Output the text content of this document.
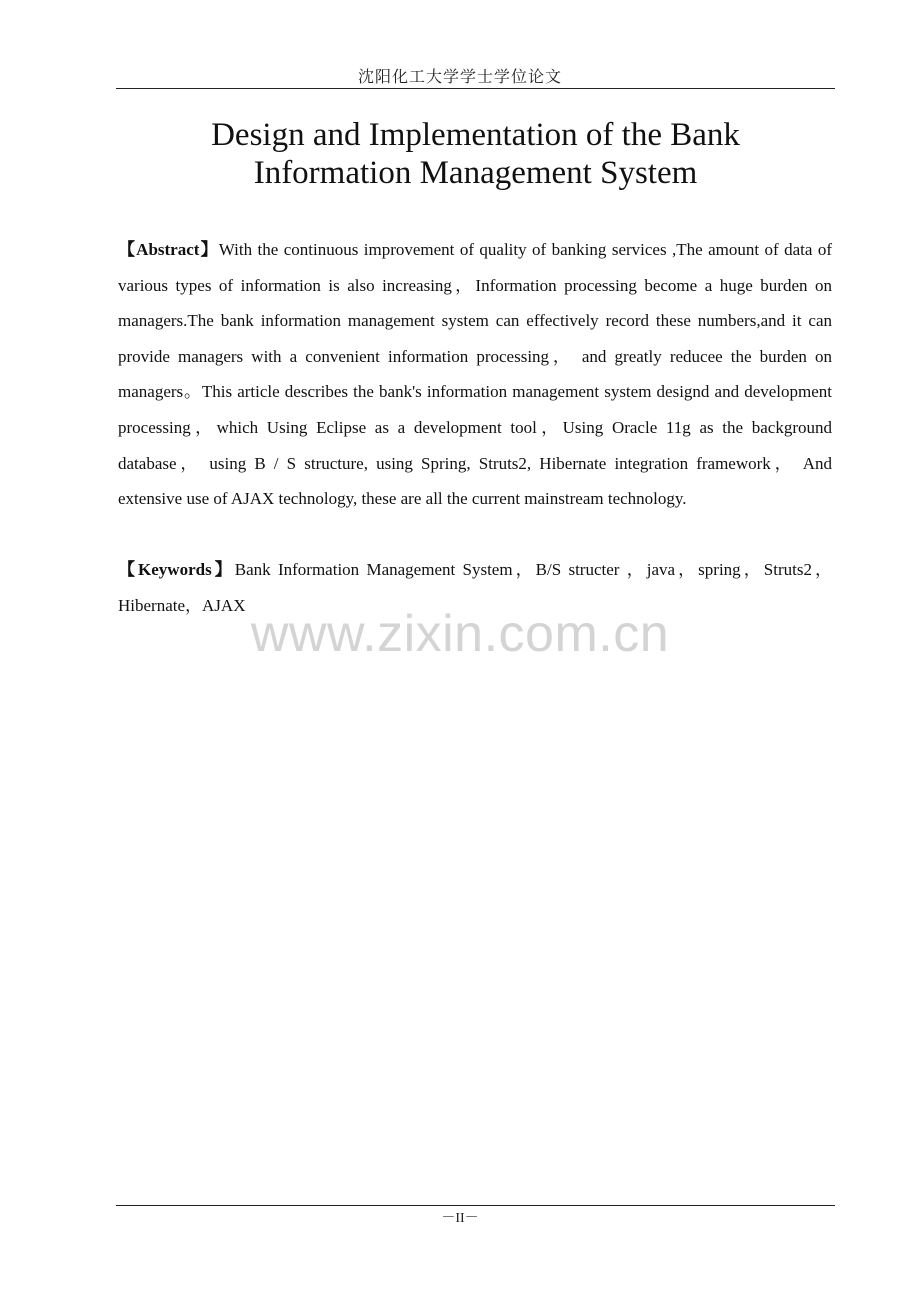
沈阳化工大学学士学位论文
Design and Implementation of the Bank
Information Management System
【Abstract】With the continuous improvement of quality of banking services ,The amount of data of various types of information is also increasing，Information processing become a huge burden on managers.The bank information management system can effectively record these numbers,and it can provide managers with a convenient information processing， and greatly reducee the burden on managers。This article describes the bank's information management system designd and development processing，which Using Eclipse as a development tool，Using Oracle 11g as the background database， using B / S structure, using Spring, Struts2, Hibernate integration framework， And extensive use of AJAX technology, these are all the current mainstream technology.
【Keywords】Bank Information Management System，B/S structer ，java，spring，Struts2，Hibernate，AJAX www.zixin.com.cn
－II－
